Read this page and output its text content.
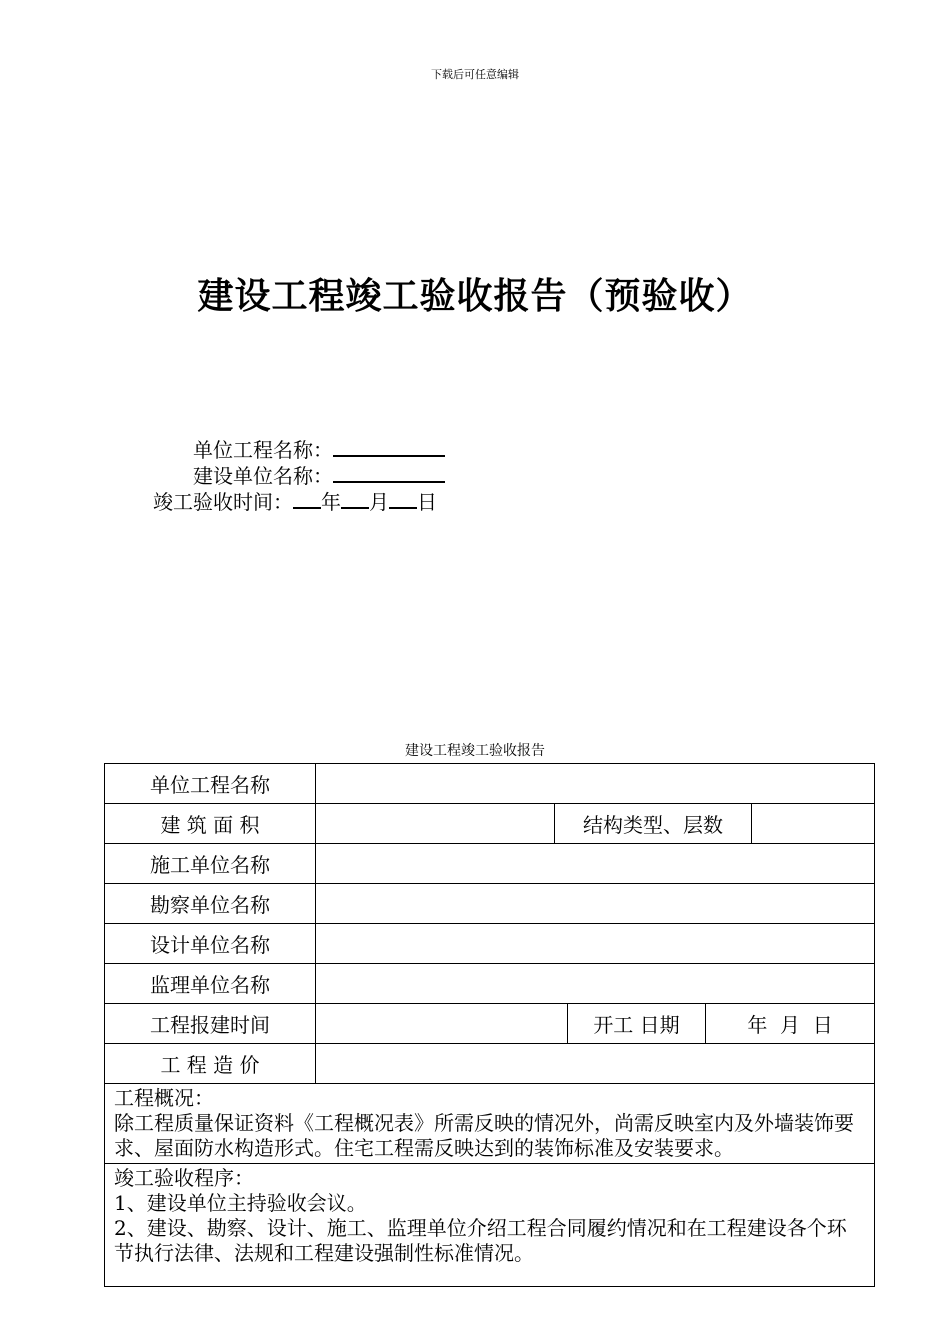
下载后可任意编辑
建设工程竣工验收报告（预验收）
单位工程名称：
建设单位名称：
竣工验收时间： 年 月 日
建设工程竣工验收报告
单位工程名称					
建 筑 面 积		结构类型、层数			
施工单位名称					
勘察单位名称					
设计单位名称					
监理单位名称					
工程报建时间			开工 日期	年  月  日	
工 程 造 价					

工程概况：
除工程质量保证资料《工程概况表》所需反映的情况外，尚需反映室内及外墙装饰要求、屋面防水构造形式。住宅工程需反映达到的装饰标准及安装要求。					

竣工验收程序：
1、建设单位主持验收会议。
2、建设、勘察、设计、施工、监理单位介绍工程合同履约情况和在工程建设各个环节执行法律、法规和工程建设强制性标准情况。					
